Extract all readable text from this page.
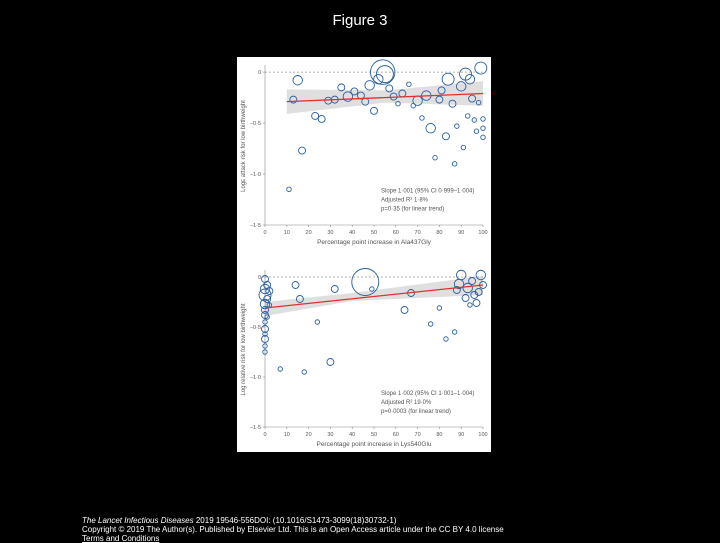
Figure 3
0
−0·5
−1·0
−1·5
0	10	20	30	40	50	60	70	80	90	100
Percentage point increase in Ala437Gly
Logᴇ attack risk for low birthweight	Slope 1·001 (95% CI 0·999–1·004)
Adjusted R² 1·8%
p=0·35 (for linear trend)
0
−0·5
−1·0
−1·5
0	10	20	30	40	50	60	70	80	90	100
Percentage point increase in Lys540Glu
Log relative risk for low birthweight	Slope 1·002 (95% CI 1·001–1·004)
Adjusted R² 19·0%
p=0·0003 (for linear trend)
The Lancet Infectious Diseases 2019 19546-556DOI: (10.1016/S1473-3099(18)30732-1)
Copyright © 2019 The Author(s). Published by Elsevier Ltd. This is an Open Access article under the CC BY 4.0 license Terms and Conditions
